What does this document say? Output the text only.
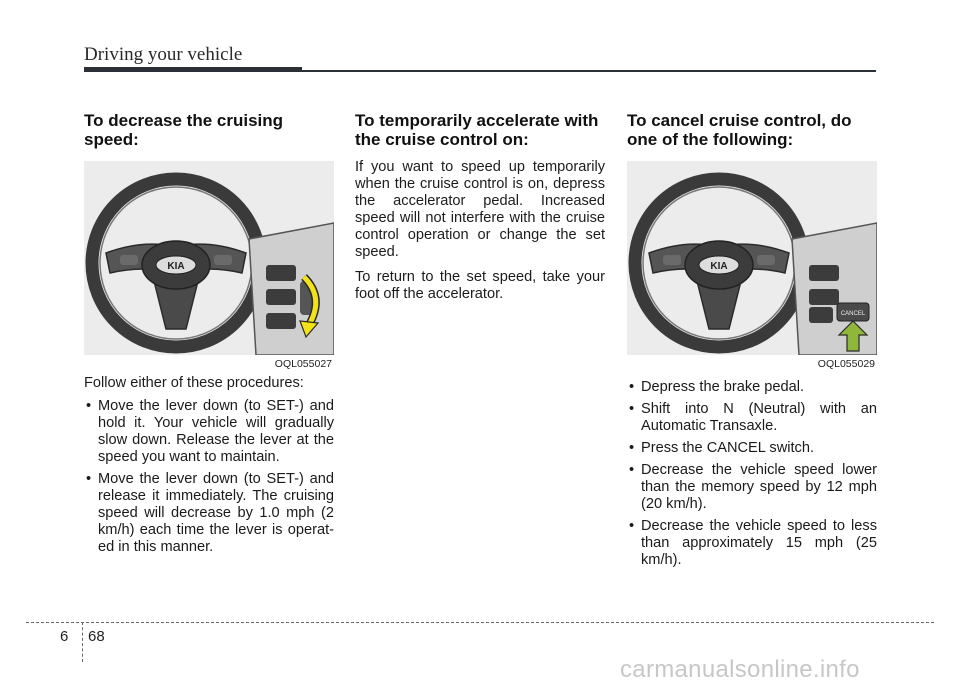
Driving your vehicle
To decrease the cruising speed:
KIA
OQL055027
Follow either of these procedures:
• Move the lever down (to SET-) and hold it. Your vehicle will gradually slow down. Release the lever at the speed you want to maintain.
• Move the lever down (to SET-) and release it immediately. The cruising speed will decrease by 1.0 mph (2 km/h) each time the lever is operat-ed in this manner.
To temporarily accelerate with the cruise control on:
If you want to speed up temporarily when the cruise control is on, depress the accelerator pedal. Increased speed will not interfere with the cruise control operation or change the set speed.
To return to the set speed, take your foot off the accelerator.
To cancel cruise control, do one of the following:
KIA
CANCEL
OQL055029
• Depress the brake pedal.
• Shift into N (Neutral) with an Automatic Transaxle.
• Press the CANCEL switch.
• Decrease the vehicle speed lower than the memory speed by 12 mph (20 km/h).
• Decrease the vehicle speed to less than approximately 15 mph (25 km/h).
6 68
carmanualsonline.info
